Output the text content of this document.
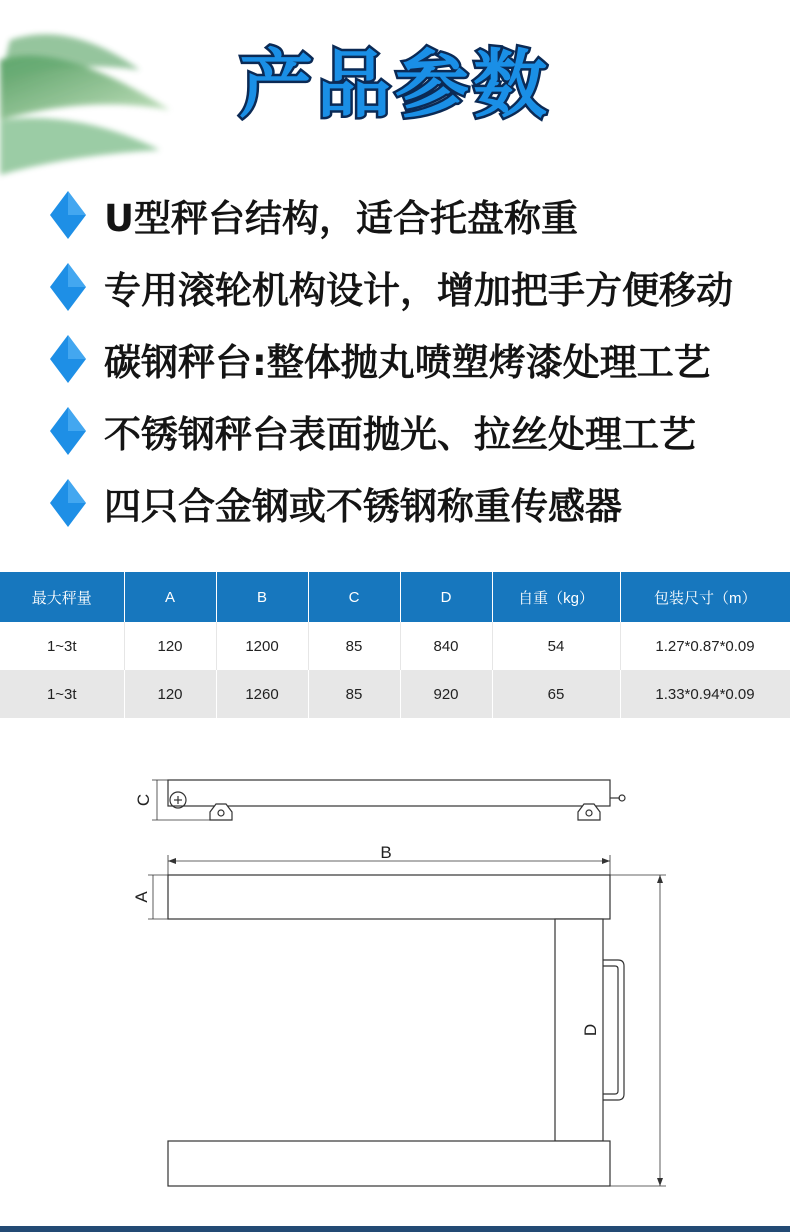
产品参数
U型秤台结构，适合托盘称重
专用滚轮机构设计，增加把手方便移动
碳钢秤台:整体抛丸喷塑烤漆处理工艺
不锈钢秤台表面抛光、拉丝处理工艺
四只合金钢或不锈钢称重传感器
最大秤量	A	B	C	D	自重（kg）	包装尺寸（m）
1~3t	120	1200	85	840	54	1.27*0.87*0.09
1~3t	120	1260	85	920	65	1.33*0.94*0.09
C
B
A
D
